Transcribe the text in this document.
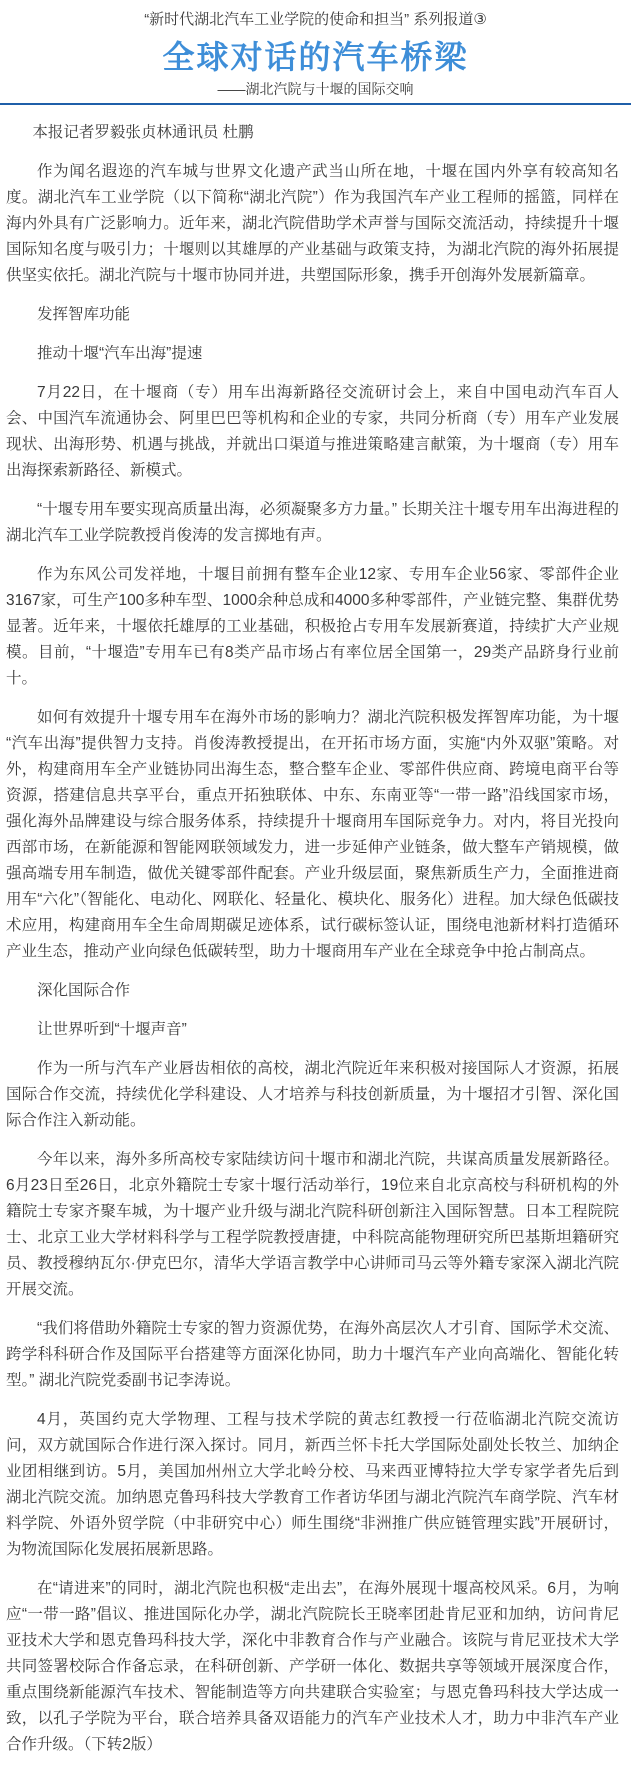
“新时代湖北汽车工业学院的使命和担当” 系列报道③

全球对话的汽车桥梁

——湖北汽院与十堰的国际交响

本报记者罗毅张贞林通讯员 杜鹏

作为闻名遐迩的汽车城与世界文化遗产武当山所在地，十堰在国内外享有较高知名度。湖北汽车工业学院（以下简称“湖北汽院”）作为我国汽车产业工程师的摇篮，同样在海内外具有广泛影响力。近年来，湖北汽院借助学术声誉与国际交流活动，持续提升十堰国际知名度与吸引力；十堰则以其雄厚的产业基础与政策支持，为湖北汽院的海外拓展提供坚实依托。湖北汽院与十堰市协同并进，共塑国际形象，携手开创海外发展新篇章。

发挥智库功能

推动十堰“汽车出海”提速

7月22日，在十堰商（专）用车出海新路径交流研讨会上，来自中国电动汽车百人会、中国汽车流通协会、阿里巴巴等机构和企业的专家，共同分析商（专）用车产业发展现状、出海形势、机遇与挑战，并就出口渠道与推进策略建言献策，为十堰商（专）用车出海探索新路径、新模式。

“十堰专用车要实现高质量出海，必须凝聚多方力量。” 长期关注十堰专用车出海进程的湖北汽车工业学院教授肖俊涛的发言掷地有声。

作为东风公司发祥地，十堰目前拥有整车企业12家、专用车企业56家、零部件企业3167家，可生产100多种车型、1000余种总成和4000多种零部件，产业链完整、集群优势显著。近年来，十堰依托雄厚的工业基础，积极抢占专用车发展新赛道，持续扩大产业规模。目前，“十堰造”专用车已有8类产品市场占有率位居全国第一，29类产品跻身行业前十。

如何有效提升十堰专用车在海外市场的影响力？湖北汽院积极发挥智库功能，为十堰“汽车出海”提供智力支持。肖俊涛教授提出，在开拓市场方面，实施“内外双驱”策略。对外，构建商用车全产业链协同出海生态，整合整车企业、零部件供应商、跨境电商平台等资源，搭建信息共享平台，重点开拓独联体、中东、东南亚等“一带一路”沿线国家市场，强化海外品牌建设与综合服务体系，持续提升十堰商用车国际竞争力。对内，将目光投向西部市场，在新能源和智能网联领域发力，进一步延伸产业链条，做大整车产销规模，做强高端专用车制造，做优关键零部件配套。产业升级层面，聚焦新质生产力，全面推进商用车“六化”（智能化、电动化、网联化、轻量化、模块化、服务化）进程。加大绿色低碳技术应用，构建商用车全生命周期碳足迹体系，试行碳标签认证，围绕电池新材料打造循环产业生态，推动产业向绿色低碳转型，助力十堰商用车产业在全球竞争中抢占制高点。

深化国际合作

让世界听到“十堰声音”

作为一所与汽车产业唇齿相依的高校，湖北汽院近年来积极对接国际人才资源，拓展国际合作交流，持续优化学科建设、人才培养与科技创新质量，为十堰招才引智、深化国际合作注入新动能。

今年以来，海外多所高校专家陆续访问十堰市和湖北汽院，共谋高质量发展新路径。6月23日至26日，北京外籍院士专家十堰行活动举行，19位来自北京高校与科研机构的外籍院士专家齐聚车城，为十堰产业升级与湖北汽院科研创新注入国际智慧。日本工程院院士、北京工业大学材料科学与工程学院教授唐捷，中科院高能物理研究所巴基斯坦籍研究员、教授穆纳瓦尔·伊克巴尔，清华大学语言教学中心讲师司马云等外籍专家深入湖北汽院开展交流。

“我们将借助外籍院士专家的智力资源优势，在海外高层次人才引育、国际学术交流、跨学科科研合作及国际平台搭建等方面深化协同，助力十堰汽车产业向高端化、智能化转型。” 湖北汽院党委副书记李涛说。

4月，英国约克大学物理、工程与技术学院的黄志红教授一行莅临湖北汽院交流访问，双方就国际合作进行深入探讨。同月，新西兰怀卡托大学国际处副处长牧兰、加纳企业团相继到访。5月，美国加州州立大学北岭分校、马来西亚博特拉大学专家学者先后到湖北汽院交流。加纳恩克鲁玛科技大学教育工作者访华团与湖北汽院汽车商学院、汽车材料学院、外语外贸学院（中非研究中心）师生围绕“非洲推广供应链管理实践”开展研讨，为物流国际化发展拓展新思路。

在“请进来”的同时，湖北汽院也积极“走出去”，在海外展现十堰高校风采。6月，为响应“一带一路”倡议、推进国际化办学，湖北汽院院长王晓率团赴肯尼亚和加纳，访问肯尼亚技术大学和恩克鲁玛科技大学，深化中非教育合作与产业融合。该院与肯尼亚技术大学共同签署校际合作备忘录，在科研创新、产学研一体化、数据共享等领域开展深度合作，重点围绕新能源汽车技术、智能制造等方向共建联合实验室；与恩克鲁玛科技大学达成一致，以孔子学院为平台，联合培养具备双语能力的汽车产业技术人才，助力中非汽车产业合作升级。（下转2版）
